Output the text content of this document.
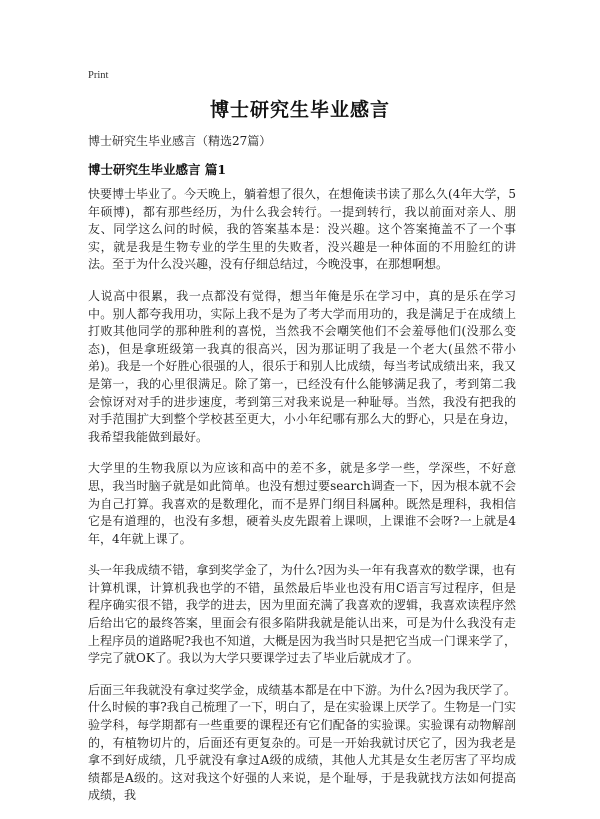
Print
博士研究生毕业感言
博士研究生毕业感言（精选27篇）
博士研究生毕业感言 篇1

快要博士毕业了。今天晚上，躺着想了很久，在想俺读书读了那么久(4年大学，5年硕博)，都有那些经历，为什么我会转行。一提到转行，我以前面对亲人、朋友、同学这么问的时候，我的答案基本是：没兴趣。这个答案掩盖不了一个事实，就是我是生物专业的学生里的失败者，没兴趣是一种体面的不用脸红的讲法。至于为什么没兴趣，没有仔细总结过，今晚没事，在那想啊想。

人说高中很累，我一点都没有觉得，想当年俺是乐在学习中，真的是乐在学习中。别人都夸我用功，实际上我不是为了考大学而用功的，我是满足于在成绩上打败其他同学的那种胜利的喜悦，当然我不会嘲笑他们不会羞辱他们(没那么变态)，但是拿班级第一我真的很高兴，因为那证明了我是一个老大(虽然不带小弟)。我是一个好胜心很强的人，很乐于和别人比成绩，每当考试成绩出来，我又是第一，我的心里很满足。除了第一，已经没有什么能够满足我了，考到第二我会惊讶对对手的进步速度，考到第三对我来说是一种耻辱。当然，我没有把我的对手范围扩大到整个学校甚至更大，小小年纪哪有那么大的野心，只是在身边，我希望我能做到最好。

大学里的生物我原以为应该和高中的差不多，就是多学一些，学深些，不好意思，我当时脑子就是如此简单。也没有想过要search调查一下，因为根本就不会为自己打算。我喜欢的是数理化，而不是界门纲目科属种。既然是理科，我相信它是有道理的，也没有多想，硬着头皮先跟着上课呗，上课谁不会呀?一上就是4年，4年就上课了。

头一年我成绩不错，拿到奖学金了，为什么?因为头一年有我喜欢的数学课，也有计算机课，计算机我也学的不错，虽然最后毕业也没有用C语言写过程序，但是程序确实很不错，我学的进去，因为里面充满了我喜欢的逻辑，我喜欢读程序然后给出它的最终答案，里面会有很多陷阱我就是能认出来，可是为什么我没有走上程序员的道路呢?我也不知道，大概是因为我当时只是把它当成一门课来学了，学完了就OK了。我以为大学只要课学过去了毕业后就成才了。

后面三年我就没有拿过奖学金，成绩基本都是在中下游。为什么?因为我厌学了。什么时候的事?我自己梳理了一下，明白了，是在实验课上厌学了。生物是一门实验学科，每学期都有一些重要的课程还有它们配备的实验课。实验课有动物解剖的，有植物切片的，后面还有更复杂的。可是一开始我就讨厌它了，因为我老是拿不到好成绩，几乎就没有拿过A级的成绩，其他人尤其是女生老厉害了平均成绩都是A级的。这对我这个好强的人来说，是个耻辱，于是我就找方法如何提高成绩，我
